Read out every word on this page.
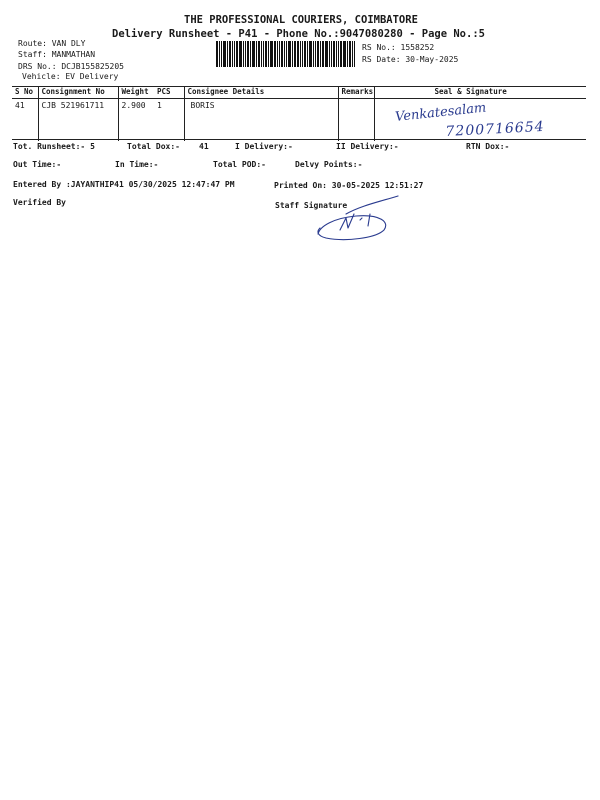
THE PROFESSIONAL COURIERS, COIMBATORE
Delivery Runsheet - P41 - Phone No.:9047080280 - Page No.:5
Route: VAN DLY
Staff: MANMATHAN
DRS No.: DCJB155825205
Vehicle: EV Delivery
RS No.: 1558252
RS Date: 30-May-2025
S No	Consignment No	Weight	PCS	Consignee Details	Remarks	Seal & Signature
41	CJB 521961711	2.900	1	BORIS			Venkatesalam
7200716654
Tot. Runsheet:- 5	Total Dox:- 41	I Delivery:-	II Delivery:-	RTN Dox:-
Out Time:-	In Time:-	Total POD:-	Delvy Points:-
Entered By :JAYANTHIP41 05/30/2025 12:47:47 PM	Printed On: 30-05-2025 12:51:27
Verified By	Staff Signature
